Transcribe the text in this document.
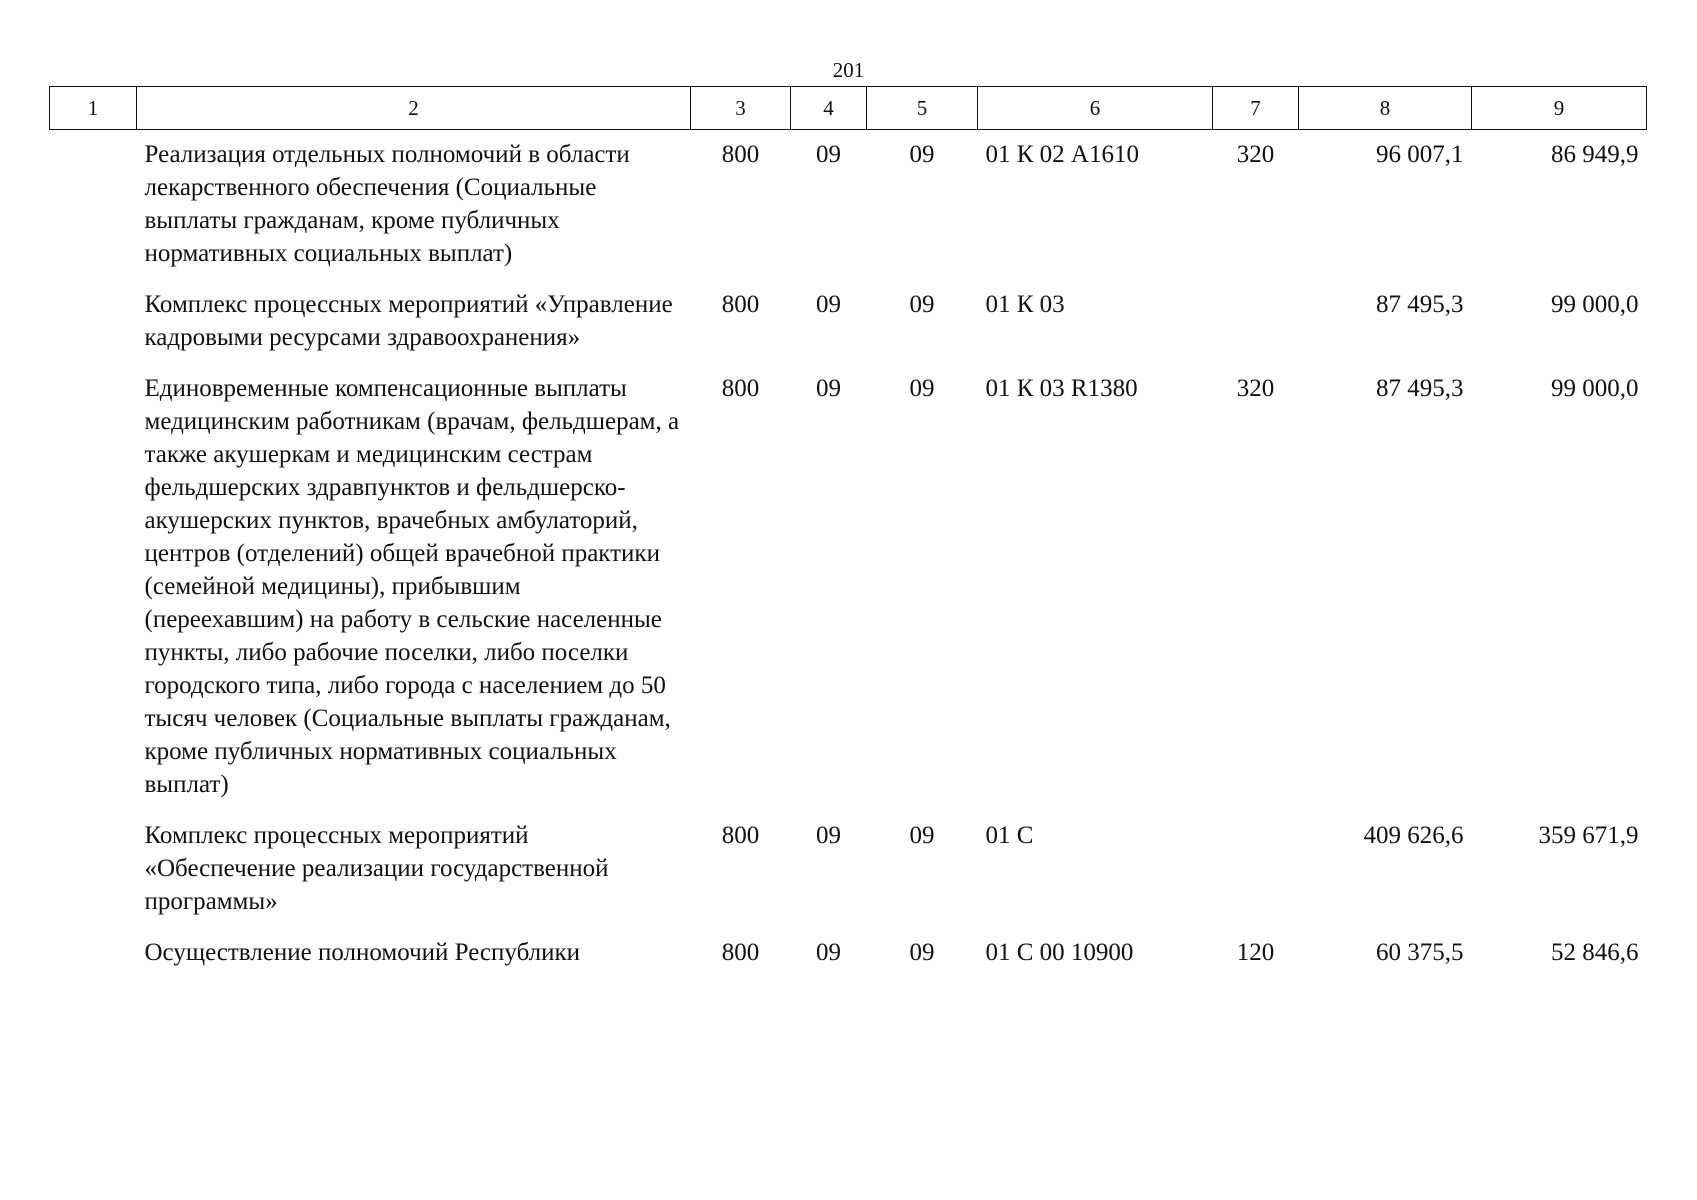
201
1	2	3	4	5	6	7	8	9
	Реализация отдельных полномочий в области лекарственного обеспечения (Социальные выплаты гражданам, кроме публичных нормативных социальных выплат)	800	09	09	01 К 02 А1610	320	96 007,1	86 949,9
	Комплекс процессных мероприятий «Управление кадровыми ресурсами здравоохранения»	800	09	09	01 К 03		87 495,3	99 000,0
	Единовременные компенсационные выплаты медицинским работникам (врачам, фельдшерам, а также акушеркам и медицинским сестрам фельдшерских здравпунктов и фельдшерско-акушерских пунктов, врачебных амбулаторий, центров (отделений) общей врачебной практики (семейной медицины), прибывшим (переехавшим) на работу в сельские населенные пункты, либо рабочие поселки, либо поселки городского типа, либо города с населением до 50 тысяч человек (Социальные выплаты гражданам, кроме публичных нормативных социальных выплат)	800	09	09	01 К 03 R1380	320	87 495,3	99 000,0
	Комплекс процессных мероприятий «Обеспечение реализации государственной программы»	800	09	09	01 С		409 626,6	359 671,9
	Осуществление полномочий Республики	800	09	09	01 С 00 10900	120	60 375,5	52 846,6
